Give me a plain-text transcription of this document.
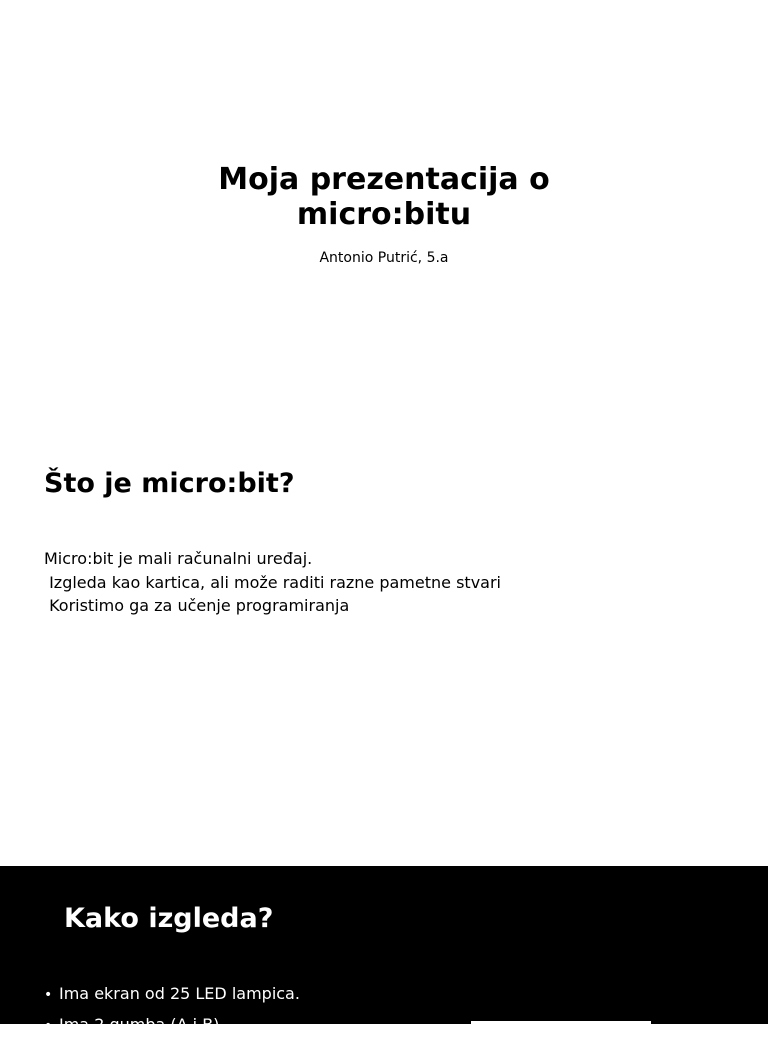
Moja prezentacija o
micro:bitu

Antonio Putrić, 5.a

Što je micro:bit?
Micro:bit je mali računalni uređaj.
Izgleda kao kartica, ali može raditi razne pametne stvari
Koristimo ga za učenje programiranja
Kako izgleda?
• Ima ekran od 25 LED lampica.
• Ima 2 gumba (A i B).
